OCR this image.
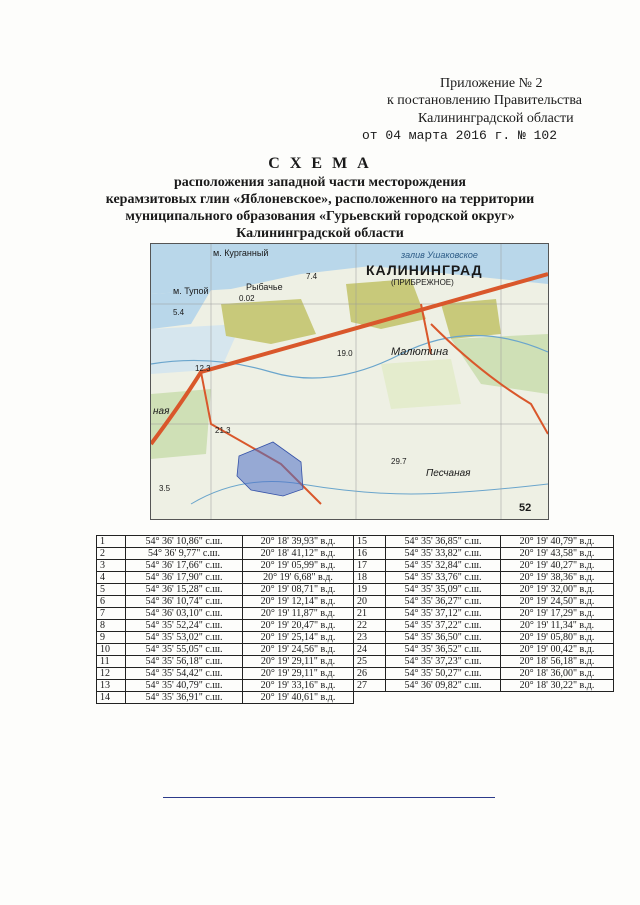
Приложение № 2
к постановлению Правительства
Калининградской области
от 04 марта 2016 г. № 102
С Х Е М А
расположения западной части месторождения
керамзитовых глин «Яблоневское», расположенного на территории
муниципального образования «Гурьевский городской округ»
Калининградской области
м. Курганный	залив Ушаковское
КАЛИНИНГРАД
(ПРИБРЕЖНОЕ)
м. Тупой	Рыбачье
0.02
5.4
7.4
Малютина
19.0
12.3
ная
21.3
29.7
Песчаная
3.5
52
1	54° 36' 10,86" с.ш.	20° 18' 39,93" в.д.	15	54° 35' 36,85" с.ш.	20° 19' 40,79" в.д.
2	54° 36' 9,77" с.ш.	20° 18' 41,12" в.д.	16	54° 35' 33,82" с.ш.	20° 19' 43,58" в.д.
3	54° 36' 17,66" с.ш.	20° 19' 05,99" в.д.	17	54° 35' 32,84" с.ш.	20° 19' 40,27" в.д.
4	54° 36' 17,90" с.ш.	20° 19' 6,68" в.д.	18	54° 35' 33,76" с.ш.	20° 19' 38,36" в.д.
5	54° 36' 15,28" с.ш.	20° 19' 08,71" в.д.	19	54° 35' 35,09" с.ш.	20° 19' 32,00" в.д.
6	54° 36' 10,74" с.ш.	20° 19' 12,14" в.д.	20	54° 35' 36,27" с.ш.	20° 19' 24,50" в.д.
7	54° 36' 03,10" с.ш.	20° 19' 11,87" в.д.	21	54° 35' 37,12" с.ш.	20° 19' 17,29" в.д.
8	54° 35' 52,24" с.ш.	20° 19' 20,47" в.д.	22	54° 35' 37,22" с.ш.	20° 19' 11,34" в.д.
9	54° 35' 53,02" с.ш.	20° 19' 25,14" в.д.	23	54° 35' 36,50" с.ш.	20° 19' 05,80" в.д.
10	54° 35' 55,05" с.ш.	20° 19' 24,56" в.д.	24	54° 35' 36,52" с.ш.	20° 19' 00,42" в.д.
11	54° 35' 56,18" с.ш.	20° 19' 29,11" в.д.	25	54° 35' 37,23" с.ш.	20° 18' 56,18" в.д.
12	54° 35' 54,42" с.ш.	20° 19' 29,11" в.д.	26	54° 35' 50,27" с.ш.	20° 18' 36,00" в.д.
13	54° 35' 40,79" с.ш.	20° 19' 33,16" в.д.	27	54° 36' 09,82" с.ш.	20° 18' 30,22" в.д.
14	54° 35' 36,91" с.ш.	20° 19' 40,61" в.д.			
